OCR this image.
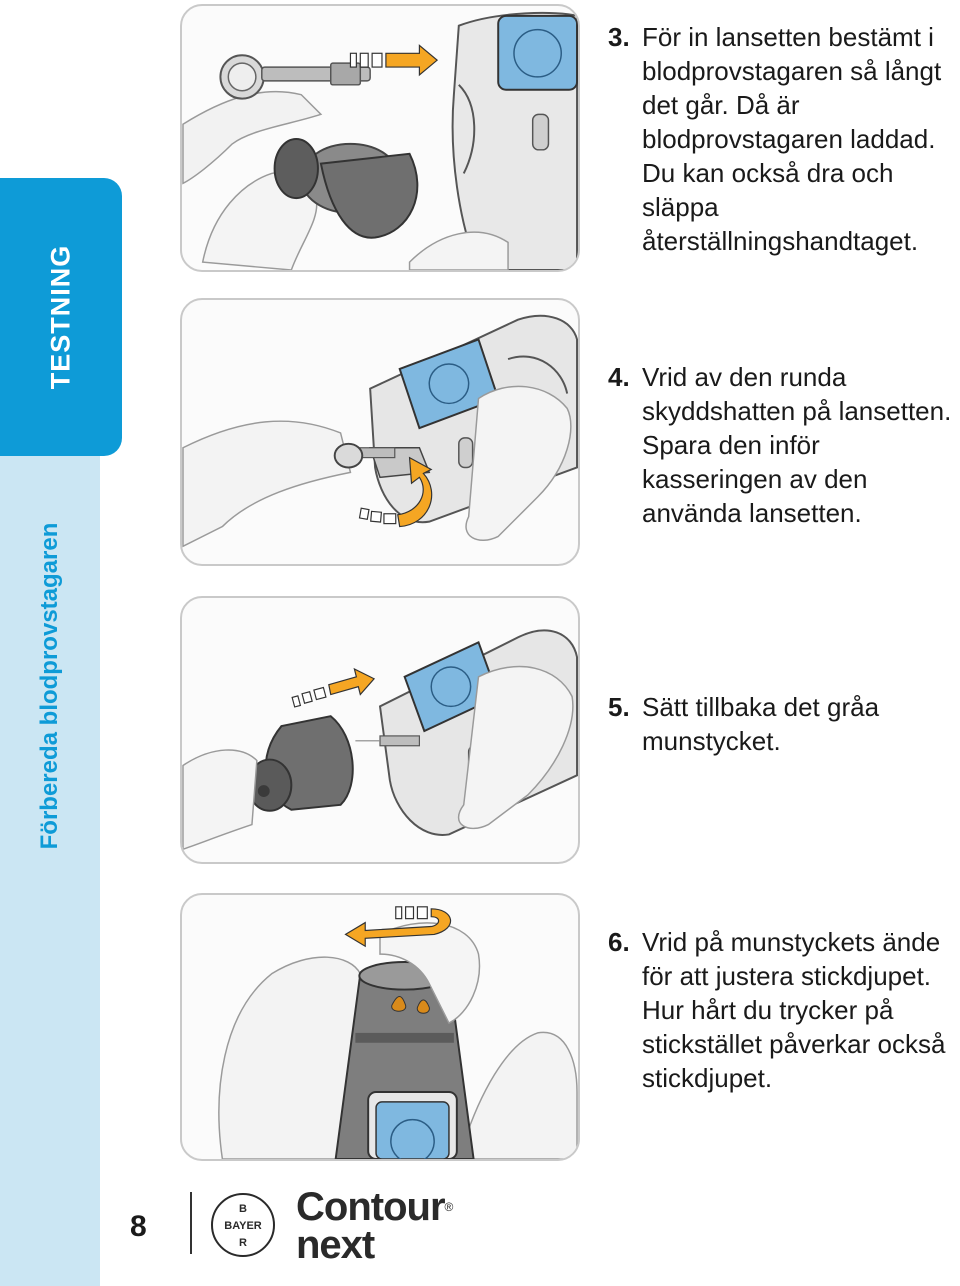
TESTNING
Förbereda blodprovstagaren
3. För in lansetten bestämt i blodprovstagaren så långt det går. Då är blodprovstagaren laddad. Du kan också dra och släppa återställningshandtaget.
4. Vrid av den runda skyddshatten på lansetten. Spara den inför kasseringen av den använda lansetten.
5. Sätt tillbaka det gråa munstycket.
6. Vrid på munstyckets ände för att justera stickdjupet. Hur hårt du trycker på stickstället påverkar också stickdjupet.
8
B
BAYER
R
Contour®
next
